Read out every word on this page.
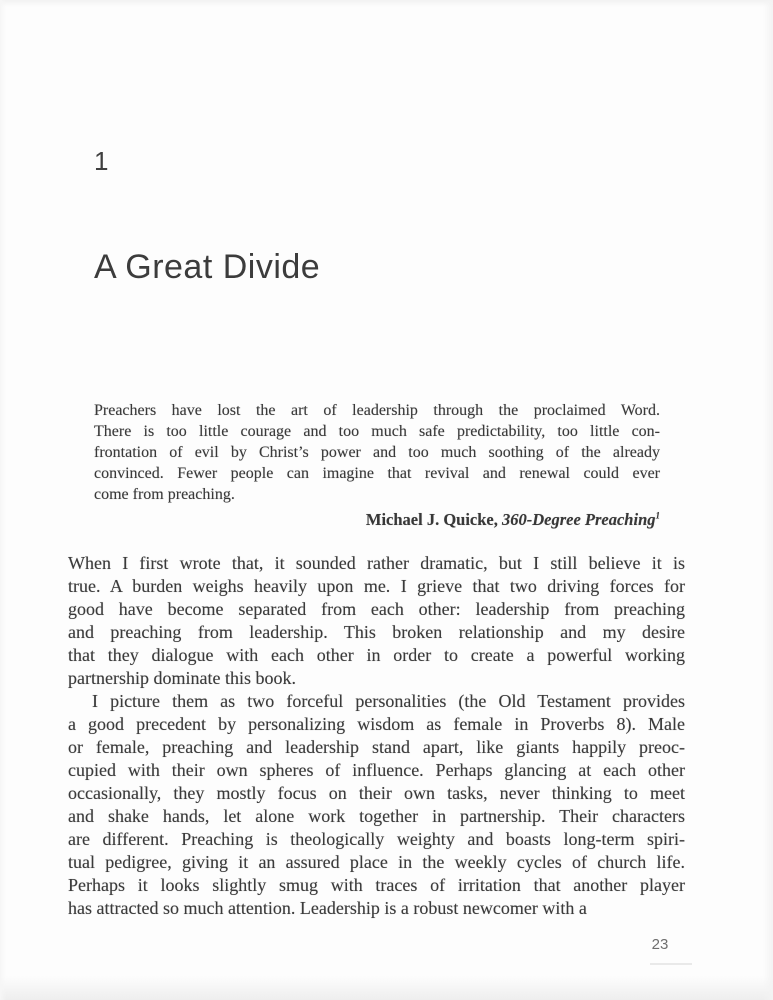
1
A Great Divide
Preachers have lost the art of leadership through the proclaimed Word.
There is too little courage and too much safe predictability, too little con-
frontation of evil by Christ’s power and too much soothing of the already
convinced. Fewer people can imagine that revival and renewal could ever
come from preaching.
Michael J. Quicke, 360-Degree Preaching$^1$
When I first wrote that, it sounded rather dramatic, but I still believe it is
true. A burden weighs heavily upon me. I grieve that two driving forces for
good have become separated from each other: leadership from preaching
and preaching from leadership. This broken relationship and my desire
that they dialogue with each other in order to create a powerful working
partnership dominate this book.
I picture them as two forceful personalities (the Old Testament provides
a good precedent by personalizing wisdom as female in Proverbs 8). Male
or female, preaching and leadership stand apart, like giants happily preoc-
cupied with their own spheres of influence. Perhaps glancing at each other
occasionally, they mostly focus on their own tasks, never thinking to meet
and shake hands, let alone work together in partnership. Their characters
are different. Preaching is theologically weighty and boasts long-term spiri-
tual pedigree, giving it an assured place in the weekly cycles of church life.
Perhaps it looks slightly smug with traces of irritation that another player
has attracted so much attention. Leadership is a robust newcomer with a
23
